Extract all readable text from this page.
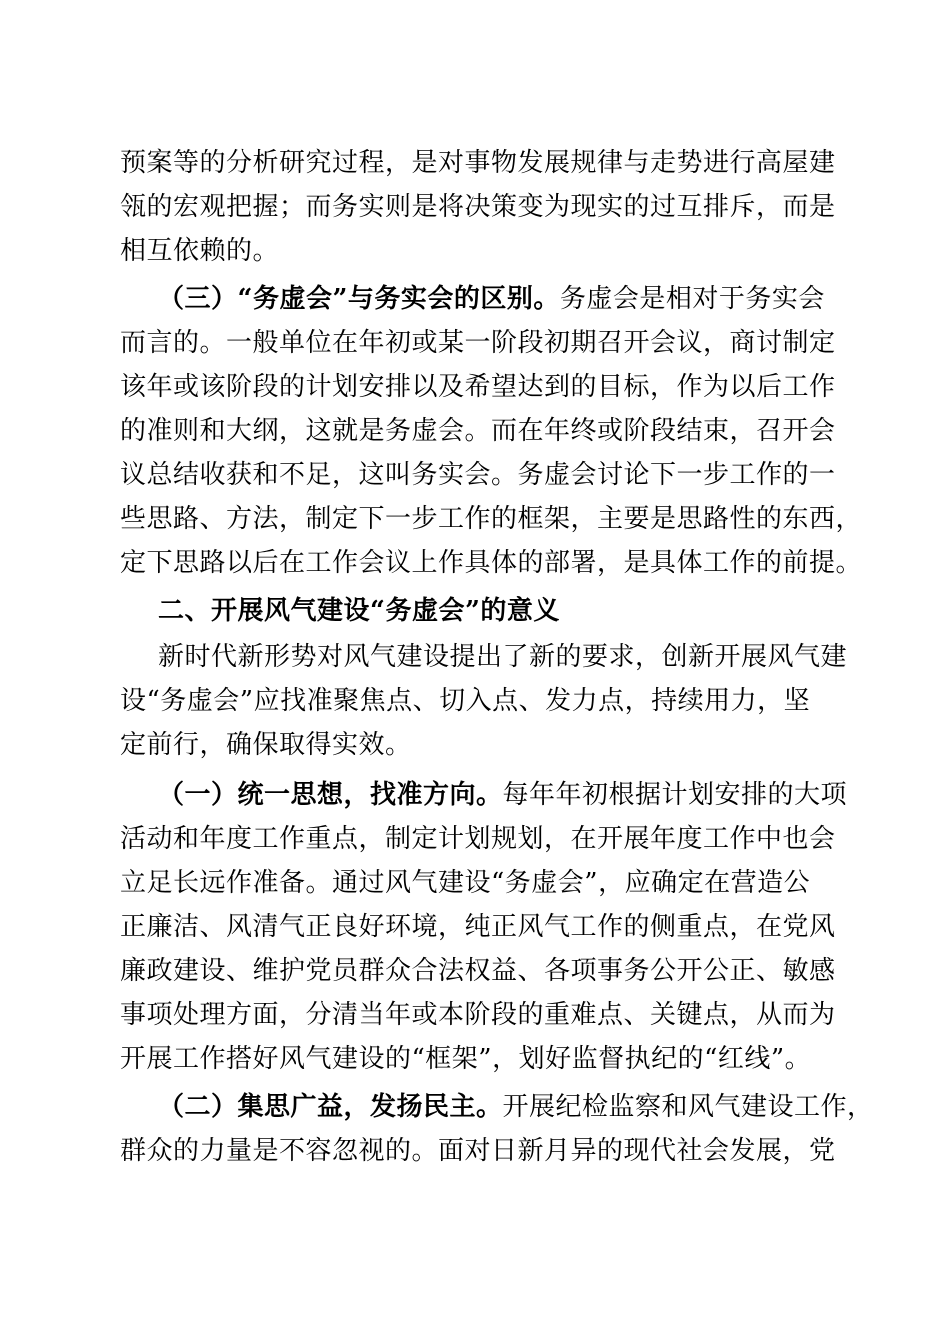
预案等的分析研究过程，是对事物发展规律与走势进行高屋建
瓴的宏观把握；而务实则是将决策变为现实的过互排斥，而是
相互依赖的。
（三）“务虚会”与务实会的区别。务虚会是相对于务实会
而言的。一般单位在年初或某一阶段初期召开会议，商讨制定
该年或该阶段的计划安排以及希望达到的目标，作为以后工作
的准则和大纲，这就是务虚会。而在年终或阶段结束，召开会
议总结收获和不足，这叫务实会。务虚会讨论下一步工作的一
些思路、方法，制定下一步工作的框架，主要是思路性的东西，
定下思路以后在工作会议上作具体的部署，是具体工作的前提。
二、开展风气建设“务虚会”的意义
新时代新形势对风气建设提出了新的要求，创新开展风气建
设“务虚会”应找准聚焦点、切入点、发力点，持续用力，坚
定前行，确保取得实效。
（一）统一思想，找准方向。每年年初根据计划安排的大项
活动和年度工作重点，制定计划规划，在开展年度工作中也会
立足长远作准备。通过风气建设“务虚会”，应确定在营造公
正廉洁、风清气正良好环境，纯正风气工作的侧重点，在党风
廉政建设、维护党员群众合法权益、各项事务公开公正、敏感
事项处理方面，分清当年或本阶段的重难点、关键点，从而为
开展工作搭好风气建设的“框架”，划好监督执纪的“红线”。
（二）集思广益，发扬民主。开展纪检监察和风气建设工作，
群众的力量是不容忽视的。面对日新月异的现代社会发展，党
